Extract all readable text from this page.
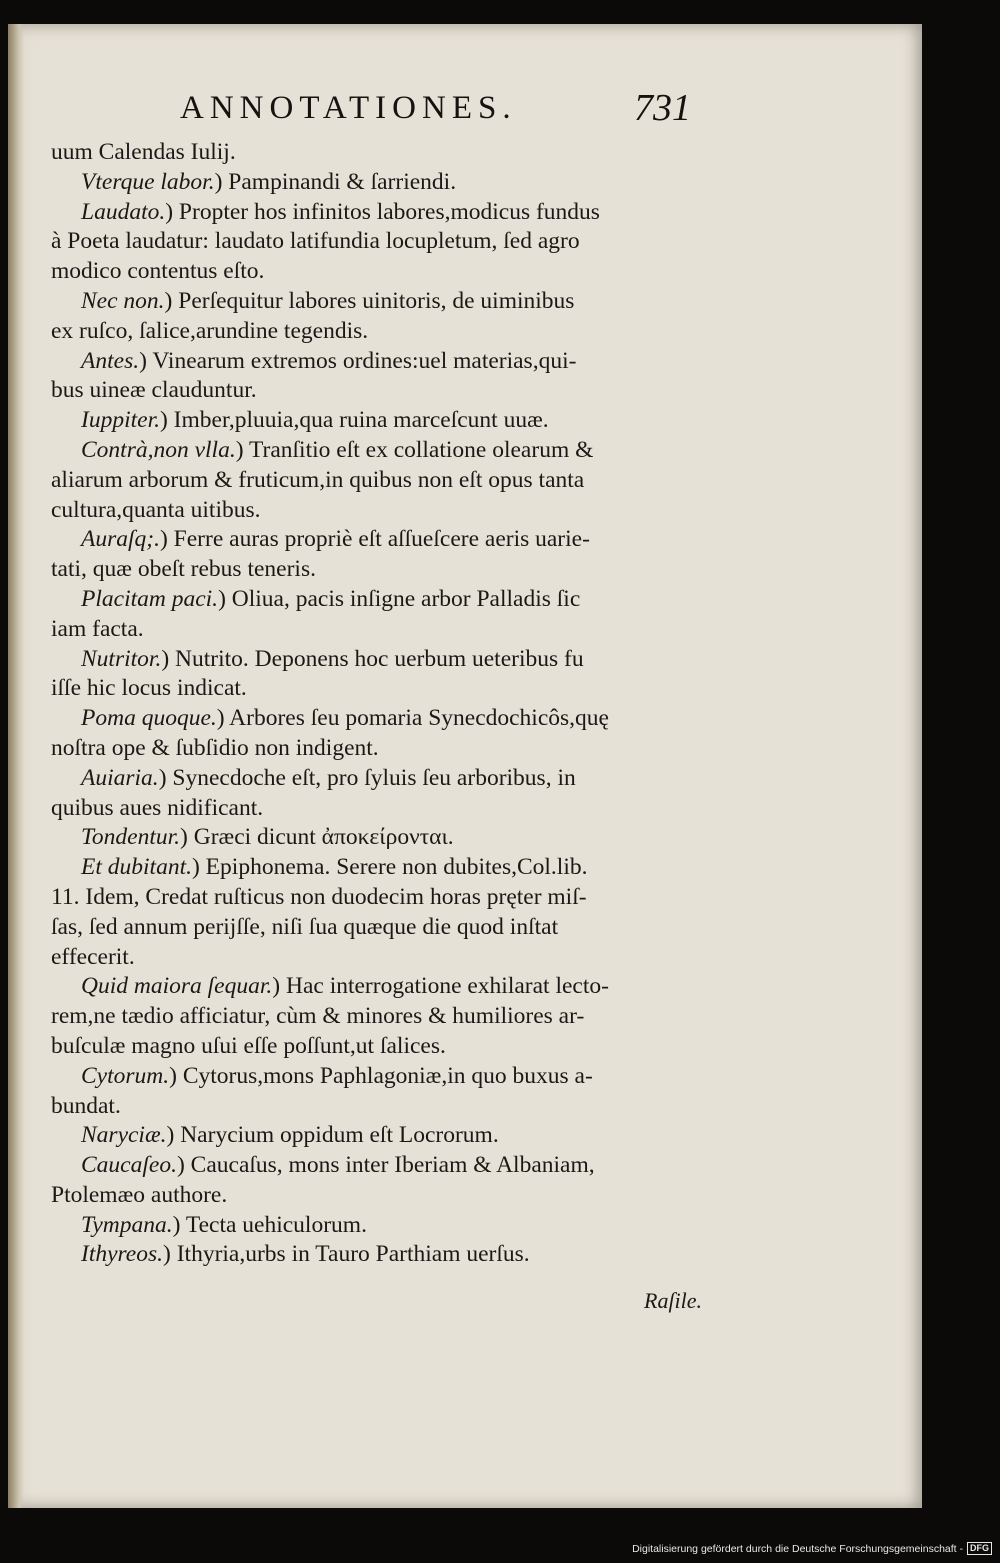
ANNOTATIONES.	731
uum Calendas Iulij.
Vterque labor.) Pampinandi & ſarriendi.
Laudato.) Propter hos infinitos labores,modicus fundus
à Poeta laudatur: laudato latifundia locupletum, ſed agro
modico contentus eſto.
Nec non.) Perſequitur labores uinitoris, de uiminibus
ex ruſco, ſalice,arundine tegendis.
Antes.) Vinearum extremos ordines:uel materias,qui-
bus uineæ clauduntur.
Iuppiter.) Imber,pluuia,qua ruina marceſcunt uuæ.
Contrà,non vlla.) Tranſitio eſt ex collatione olearum &
aliarum arborum & fruticum,in quibus non eſt opus tanta
cultura,quanta uitibus.
Auraſq;.) Ferre auras propriè eſt aſſueſcere aeris uarie-
tati, quæ obeſt rebus teneris.
Placitam paci.) Oliua, pacis inſigne arbor Palladis ſic
iam facta.
Nutritor.) Nutrito. Deponens hoc uerbum ueteribus fu
iſſe hic locus indicat.
Poma quoque.) Arbores ſeu pomaria Synecdochicôs,quę
noſtra ope & ſubſidio non indigent.
Auiaria.) Synecdoche eſt, pro ſyluis ſeu arboribus, in
quibus aues nidificant.
Tondentur.) Græci dicunt ἀποκείρονται.
Et dubitant.) Epiphonema. Serere non dubites,Col.lib.
11. Idem, Credat ruſticus non duodecim horas pręter miſ-
ſas, ſed annum periјſſe, niſi ſua quæque die quod inſtat
effecerit.
Quid maiora ſequar.) Hac interrogatione exhilarat lecto-
rem,ne tædio afficiatur, cùm & minores & humiliores ar-
buſculæ magno uſui eſſe poſſunt,ut ſalices.
Cytorum.) Cytorus,mons Paphlagoniæ,in quo buxus a-
bundat.
Naryciæ.) Narycium oppidum eſt Locrorum.
Caucaſeo.) Caucaſus, mons inter Iberiam & Albaniam,
Ptolemæo authore.
Tympana.) Tecta uehiculorum.
Ithyreos.) Ithyria,urbs in Tauro Parthiam uerſus.
Raſile.
Digitalisierung gefördert durch die Deutsche Forschungsgemeinschaft - DFG
